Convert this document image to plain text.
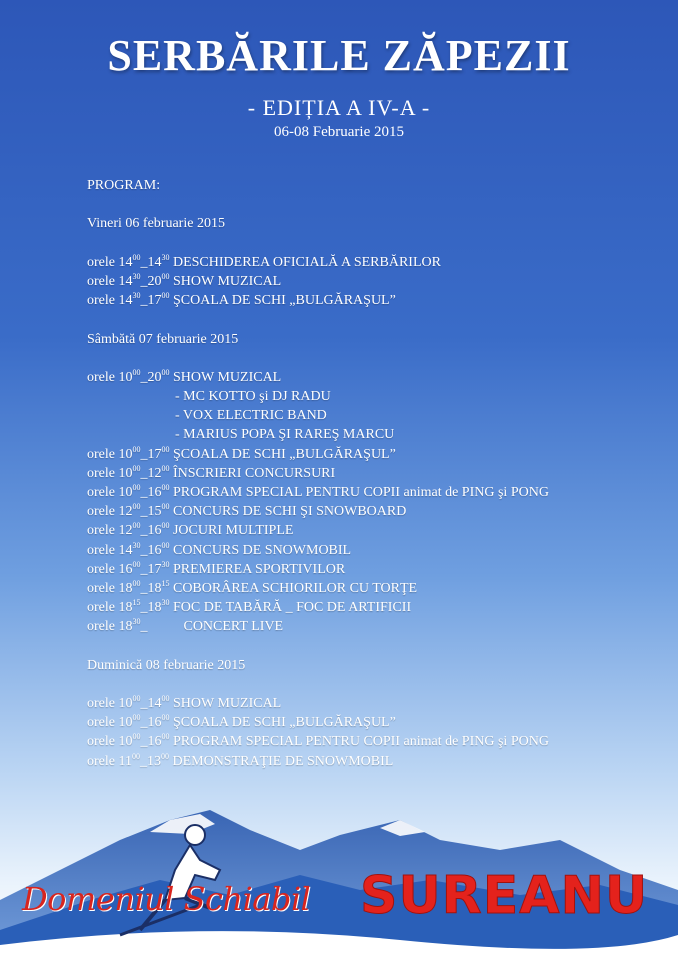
SERBĂRILE ZĂPEZII
- EDIȚIA A IV-A -
06-08 Februarie 2015
PROGRAM:
Vineri 06 februarie 2015
orele $14^{00}\_14^{30}$ DESCHIDEREA OFICIALĂ A SERBĂRILOR
orele $14^{30}\_20^{00}$ SHOW MUZICAL
orele $14^{30}\_17^{00}$ ŞCOALA DE SCHI „BULGĂRAŞUL”
Sâmbătă 07 februarie 2015
orele $10^{00}\_20^{00}$ SHOW MUZICAL
- MC KOTTO şi DJ RADU
- VOX ELECTRIC BAND
- MARIUS POPA ŞI RAREŞ MARCU
orele $10^{00}\_17^{00}$ ŞCOALA DE SCHI „BULGĂRAŞUL”
orele $10^{00}\_12^{00}$ ÎNSCRIERI CONCURSURI
orele $10^{00}\_16^{00}$ PROGRAM SPECIAL PENTRU COPII animat de PING şi PONG
orele $12^{00}\_15^{00}$ CONCURS DE SCHI ŞI SNOWBOARD
orele $12^{00}\_16^{00}$ JOCURI MULTIPLE
orele $14^{30}\_16^{00}$ CONCURS DE SNOWMOBIL
orele $16^{00}\_17^{30}$ PREMIEREA SPORTIVILOR
orele $18^{00}\_18^{15}$ COBORÂREA SCHIORILOR CU TORŢE
orele $18^{15}\_18^{30}$ FOC DE TABĂRĂ _ FOC DE ARTIFICII
orele $18^{30}\_$	CONCERT LIVE
Duminică 08 februarie 2015
orele $10^{00}\_14^{00}$ SHOW MUZICAL
orele $10^{00}\_16^{00}$ ŞCOALA DE SCHI „BULGĂRAŞUL”
orele $10^{00}\_16^{00}$ PROGRAM SPECIAL PENTRU COPII animat de PING şi PONG
orele $11^{00}\_13^{00}$ DEMONSTRAŢIE DE SNOWMOBIL
Domeniul Schiabil SUREANU
